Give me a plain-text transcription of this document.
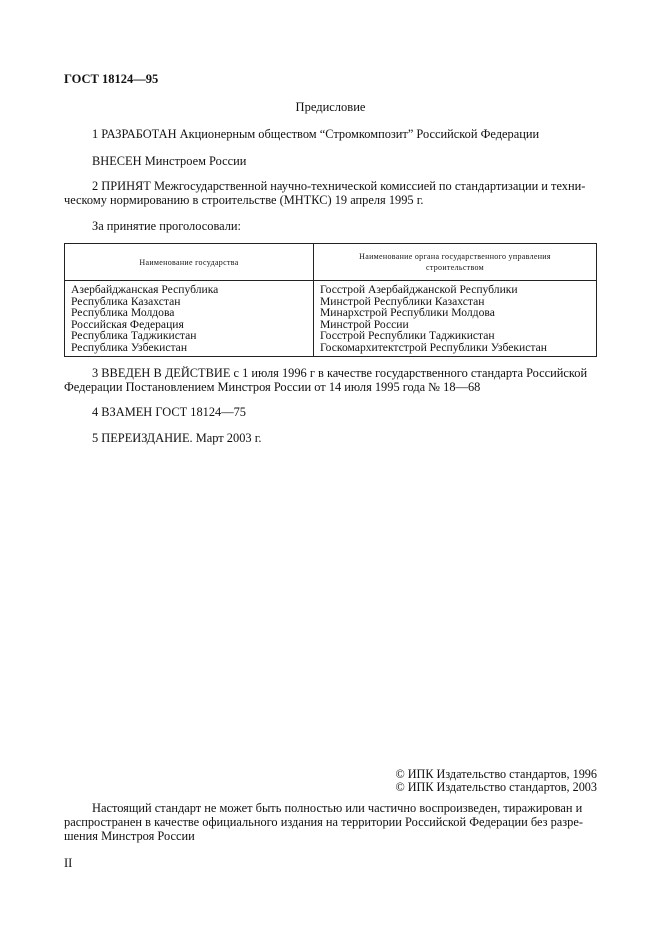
ГОСТ 18124—95
Предисловие
1 РАЗРАБОТАН Акционерным обществом “Стромкомпозит” Российской Федерации
ВНЕСЕН Минстроем России
2 ПРИНЯТ Межгосударственной научно-технической комиссией по стандартизации и техни-
ческому нормированию в строительстве (МНТКС) 19 апреля 1995 г.
За принятие проголосовали:
Наименование государства	Наименование органа государственного управления
строительством
Азербайджанская Республика	Госстрой Азербайджанской Республики
Республика Казахстан	Минстрой Республики Казахстан
Республика Молдова	Минархстрой Республики Молдова
Российская Федерация	Минстрой России
Республика Таджикистан	Госстрой Республики Таджикистан
Республика Узбекистан	Госкомархитектстрой Республики Узбекистан
3 ВВЕДЕН В ДЕЙСТВИЕ с 1 июля 1996 г в качестве государственного стандарта Российской
Федерации Постановлением Минстроя России от 14 июля 1995 года № 18—68
4 ВЗАМЕН ГОСТ 18124—75
5 ПЕРЕИЗДАНИЕ. Март 2003 г.
© ИПК Издательство стандартов, 1996
© ИПК Издательство стандартов, 2003
Настоящий стандарт не может быть полностью или частично воспроизведен, тиражирован и
распространен в качестве официального издания на территории Российской Федерации без разре-
шения Минстроя России
II
